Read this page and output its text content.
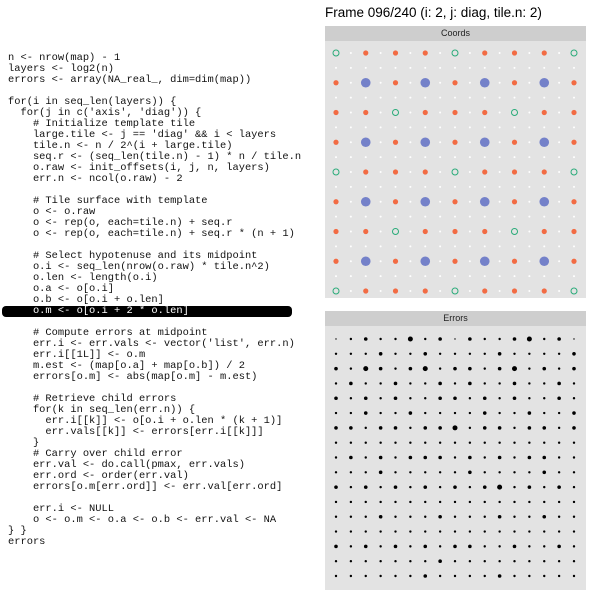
n <- nrow(map) - 1
layers <- log2(n)
errors <- array(NA_real_, dim=dim(map))
for(i in seq_len(layers)) {
for(j in c('axis', 'diag')) {
# Initialize template tile
large.tile <- j == 'diag' && i < layers
tile.n <- n / 2^(i + large.tile)
seq.r <- (seq_len(tile.n) - 1) * n / tile.n
o.raw <- init_offsets(i, j, n, layers)
err.n <- ncol(o.raw) - 2
# Tile surface with template
o <- o.raw
o <- rep(o, each=tile.n) + seq.r
o <- rep(o, each=tile.n) + seq.r * (n + 1)
# Select hypotenuse and its midpoint
o.i <- seq_len(nrow(o.raw) * tile.n^2)
o.len <- length(o.i)
o.a <- o[o.i]
o.b <- o[o.i + o.len]
o.m <- o[o.i + 2 * o.len]
# Compute errors at midpoint
err.i <- err.vals <- vector('list', err.n)
err.i[[1L]] <- o.m
m.est <- (map[o.a] + map[o.b]) / 2
errors[o.m] <- abs(map[o.m] - m.est)
# Retrieve child errors
for(k in seq_len(err.n)) {
err.i[[k]] <- o[o.i + o.len * (k + 1)]
err.vals[[k]] <- errors[err.i[[k]]]
}
# Carry over child error
err.val <- do.call(pmax, err.vals)
err.ord <- order(err.val)
errors[o.m[err.ord]] <- err.val[err.ord]
err.i <- NULL
o <- o.m <- o.a <- o.b <- err.val <- NA
} }
errors
Frame 096/240 (i: 2, j: diag, tile.n: 2)
Coords
Errors
